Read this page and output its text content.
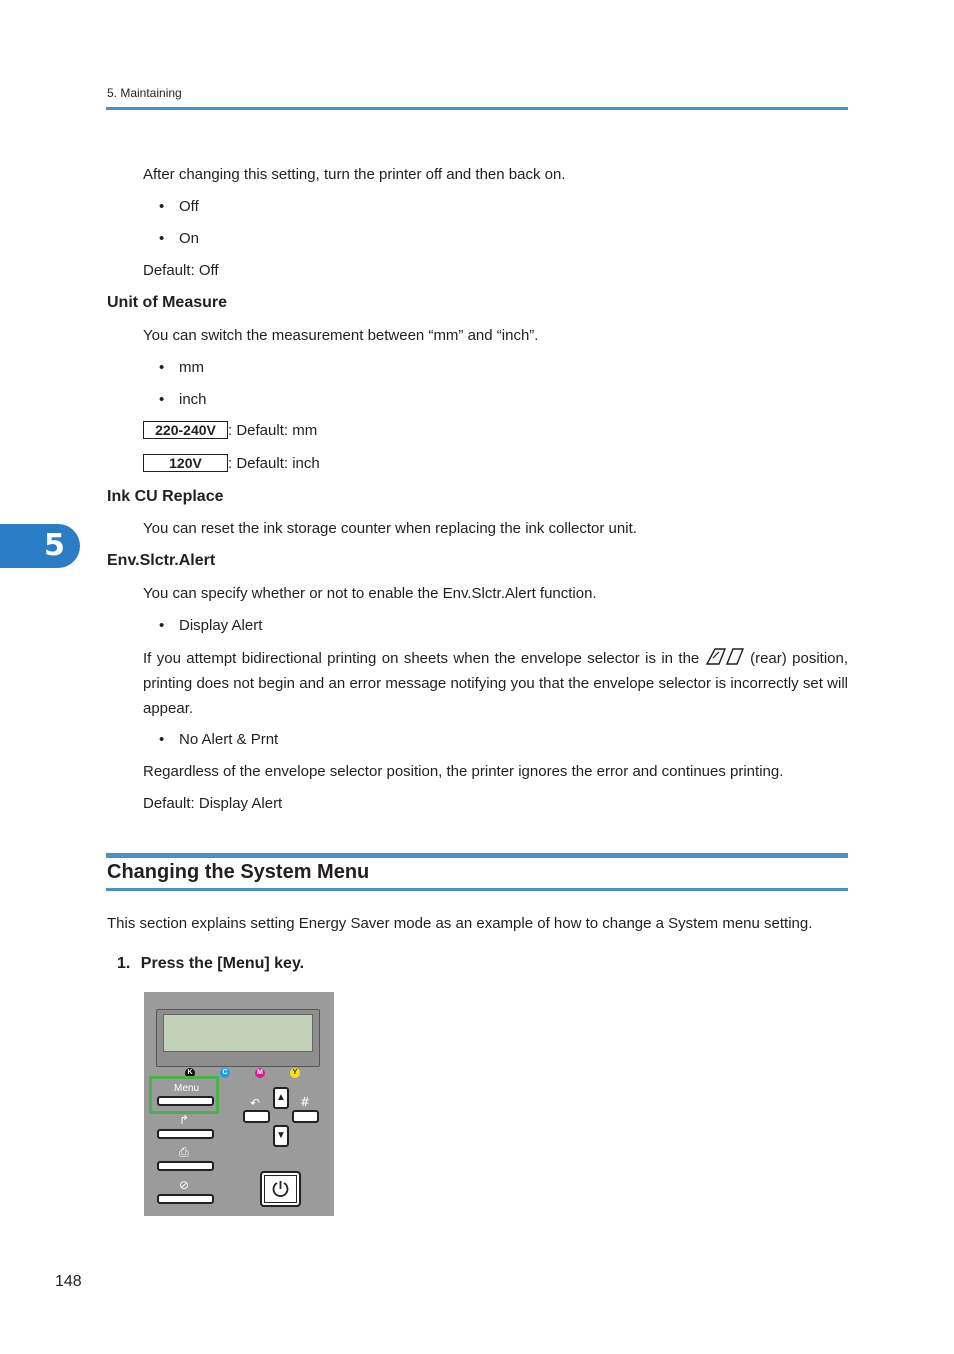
5. Maintaining
5
After changing this setting, turn the printer off and then back on.
• Off
• On
Default: Off
Unit of Measure
You can switch the measurement between “mm” and “inch”.
• mm
• inch
220-240V : Default: mm
120V : Default: inch
Ink CU Replace
You can reset the ink storage counter when replacing the ink collector unit.
Env.Slctr.Alert
You can specify whether or not to enable the Env.Slctr.Alert function.
• Display Alert
If you attempt bidirectional printing on sheets when the envelope selector is in the	(rear) position, printing does not begin and an error message notifying you that the envelope selector is incorrectly set will appear.
• No Alert & Prnt
Regardless of the envelope selector position, the printer ignores the error and continues printing.
Default: Display Alert
Changing the System Menu
This section explains setting Energy Saver mode as an example of how to change a System menu setting.
1. Press the [Menu] key.
K	C	M	Y
Menu
↱
⎙
⊘
↶	▲
▼
#
148
